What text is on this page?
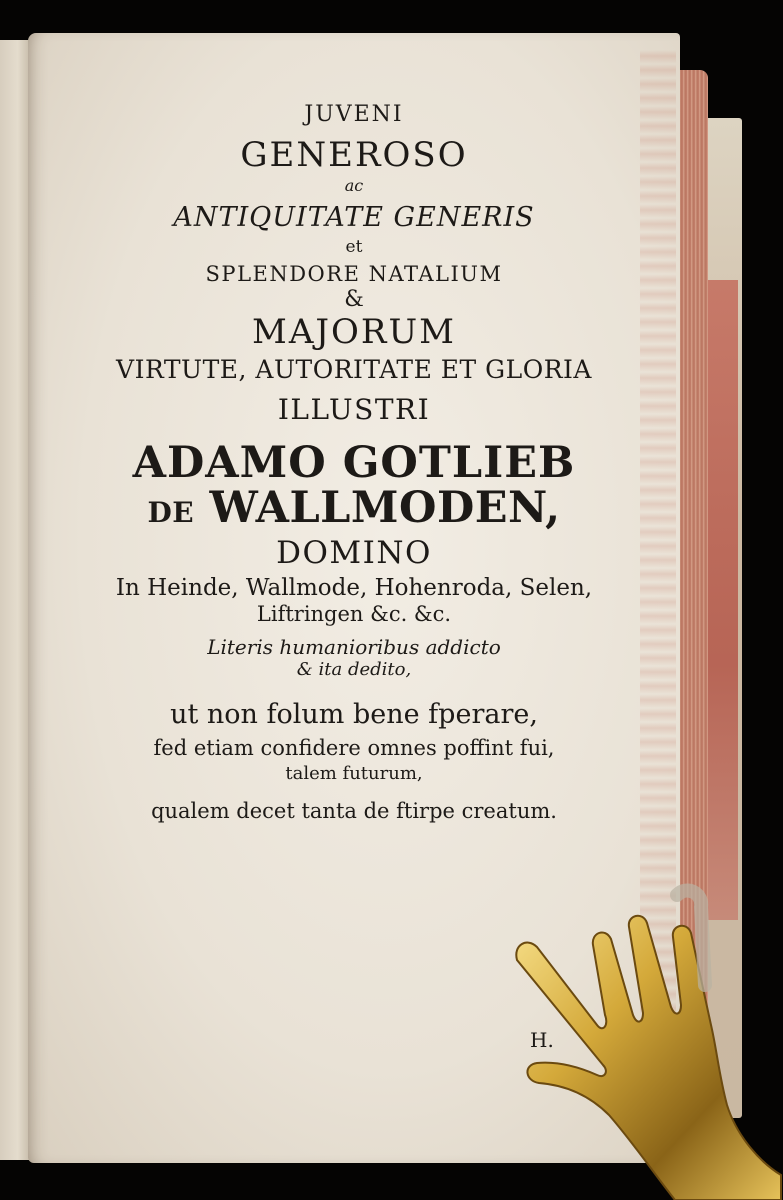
JUVENI
GENEROSO
ac
ANTIQUITATE GENERIS
et
SPLENDORE NATALIUM
&
MAJORUM
VIRTUTE, AUTORITATE ET GLORIA
ILLUSTRI
ADAMO GOTLIEB
DE WALLMODEN,
DOMINO
In Heinde, Wallmode, Hohenroda, Selen,
Liftringen &c. &c.
Literis humanioribus addicto
& ita dedito,
ut non folum bene fperare,
fed etiam confidere omnes poffint fui,
talem futurum,
qualem decet tanta de ftirpe creatum.
H.
